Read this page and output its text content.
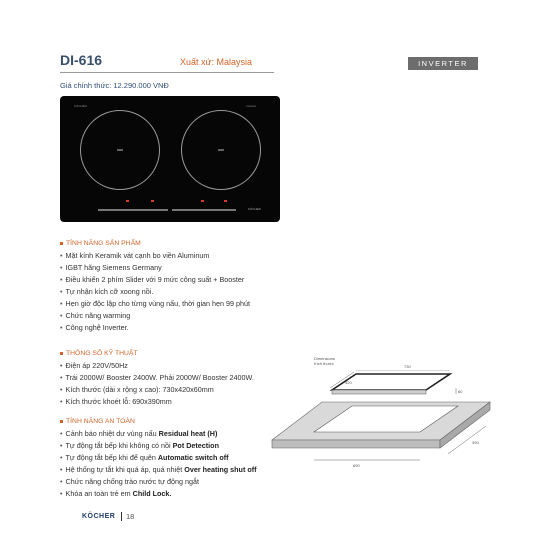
DI-616	Xuất xứ: Malaysia	INVERTER
Giá chính thức: 12.290.000 VNĐ
KÖCHER	Inverter
KÖCHER
TÍNH NĂNG SẢN PHẨM
• Mặt kính Keramik vát cạnh bo viền Aluminum
• IGBT hãng Siemens Germany
• Điều khiển 2 phím Slider với 9 mức công suất + Booster
• Tự nhận kích cỡ xoong nồi.
• Hẹn giờ độc lập cho từng vùng nấu, thời gian hẹn 99 phút
• Chức năng warming
• Công nghệ Inverter.
THÔNG SỐ KỸ THUẬT
• Điện áp 220V/50Hz
• Trái 2000W/ Booster 2400W. Phải 2000W/ Booster 2400W.
• Kích thước (dài x rộng x cao): 730x420x60mm
• Kích thước khoét lỗ: 690x390mm
TÍNH NĂNG AN TOÀN
• Cảnh báo nhiệt dư vùng nấu Residual heat (H)
• Tự động tắt bếp khi không có nồi Pot Detection
• Tự động tắt bếp khi để quên Automatic switch off
• Hệ thống tự tắt khi quá áp, quá nhiệt Over heating shut off
• Chức năng chống trào nước tự động ngắt
• Khóa an toàn trẻ em Child Lock.
Dimensions
Kích thước
730
420
60
390
690
KÖCHER 18
